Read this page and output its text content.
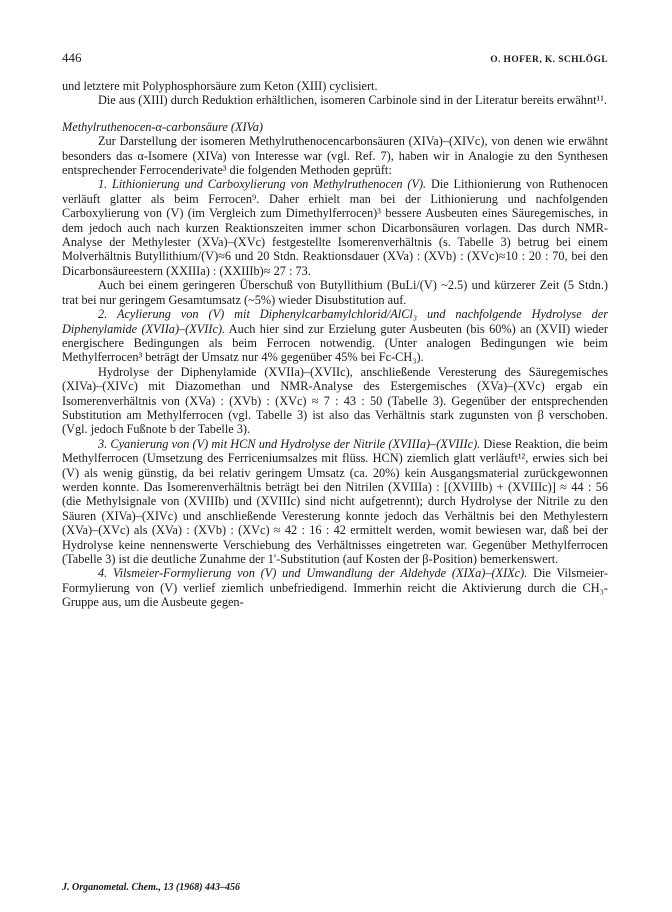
446	O. HOFER, K. SCHLÖGL

und letztere mit Polyphosphorsäure zum Keton (XIII) cyclisiert.

Die aus (XIII) durch Reduktion erhältlichen, isomeren Carbinole sind in der Literatur bereits erwähnt¹¹.

Methylruthenocen-α-carbonsäure (XIVa)

Zur Darstellung der isomeren Methylruthenocencarbonsäuren (XIVa)–(XIVc), von denen wie erwähnt besonders das α-Isomere (XIVa) von Interesse war (vgl. Ref. 7), haben wir in Analogie zu den Synthesen entsprechender Ferrocenderivate³ die folgenden Methoden geprüft:

1. Lithionierung und Carboxylierung von Methylruthenocen (V). Die Lithionierung von Ruthenocen verläuft glatter als beim Ferrocen⁹. Daher erhielt man bei der Lithionierung und nachfolgenden Carboxylierung von (V) (im Vergleich zum Dimethylferrocen)³ bessere Ausbeuten eines Säuregemisches, in dem jedoch auch nach kurzen Reaktionszeiten immer schon Dicarbonsäuren vorlagen. Das durch NMR-Analyse der Methylester (XVa)–(XVc) festgestellte Isomerenverhältnis (s. Tabelle 3) betrug bei einem Molverhältnis Butyllithium/(V)≈6 und 20 Stdn. Reaktionsdauer (XVa) : (XVb) : (XVc)≈10 : 20 : 70, bei den Dicarbonsäureestern (XXIIIa) : (XXIIIb)≈ 27 : 73.

Auch bei einem geringeren Überschuß von Butyllithium (BuLi/(V) ~2.5) und kürzerer Zeit (5 Stdn.) trat bei nur geringem Gesamtumsatz (~5%) wieder Disubstitution auf.

2. Acylierung von (V) mit Diphenylcarbamylchlorid/AlCl₃ und nachfolgende Hydrolyse der Diphenylamide (XVIIa)–(XVIIc). Auch hier sind zur Erzielung guter Ausbeuten (bis 60%) an (XVII) wieder energischere Bedingungen als beim Ferrocen notwendig. (Unter analogen Bedingungen wie beim Methylferrocen³ beträgt der Umsatz nur 4% gegenüber 45% bei Fc-CH₃).

Hydrolyse der Diphenylamide (XVIIa)–(XVIIc), anschließende Veresterung des Säuregemisches (XIVa)–(XIVc) mit Diazomethan und NMR-Analyse des Estergemisches (XVa)–(XVc) ergab ein Isomerenverhältnis von (XVa) : (XVb) : (XVc) ≈ 7 : 43 : 50 (Tabelle 3). Gegenüber der entsprechenden Substitution am Methylferrocen (vgl. Tabelle 3) ist also das Verhältnis stark zugunsten von β verschoben. (Vgl. jedoch Fußnote b der Tabelle 3).

3. Cyanierung von (V) mit HCN und Hydrolyse der Nitrile (XVIIIa)–(XVIIIc). Diese Reaktion, die beim Methylferrocen (Umsetzung des Ferriceniumsalzes mit flüss. HCN) ziemlich glatt verläuft¹², erwies sich bei (V) als wenig günstig, da bei relativ geringem Umsatz (ca. 20%) kein Ausgangsmaterial zurückgewonnen werden konnte. Das Isomerenverhältnis beträgt bei den Nitrilen (XVIIIa) : [(XVIIIb) + (XVIIIc)] ≈ 44 : 56 (die Methylsignale von (XVIIIb) und (XVIIIc) sind nicht aufgetrennt); durch Hydrolyse der Nitrile zu den Säuren (XIVa)–(XIVc) und anschließende Veresterung konnte jedoch das Verhältnis bei den Methylestern (XVa)–(XVc) als (XVa) : (XVb) : (XVc) ≈ 42 : 16 : 42 ermittelt werden, womit bewiesen war, daß bei der Hydrolyse keine nennenswerte Verschiebung des Verhältnisses eingetreten war. Gegenüber Methylferrocen (Tabelle 3) ist die deutliche Zunahme der 1'-Substitution (auf Kosten der β-Position) bemerkenswert.

4. Vilsmeier-Formylierung von (V) und Umwandlung der Aldehyde (XIXa)–(XIXc). Die Vilsmeier-Formylierung von (V) verlief ziemlich unbefriedigend. Immerhin reicht die Aktivierung durch die CH₃-Gruppe aus, um die Ausbeute gegen-

J. Organometal. Chem., 13 (1968) 443–456
